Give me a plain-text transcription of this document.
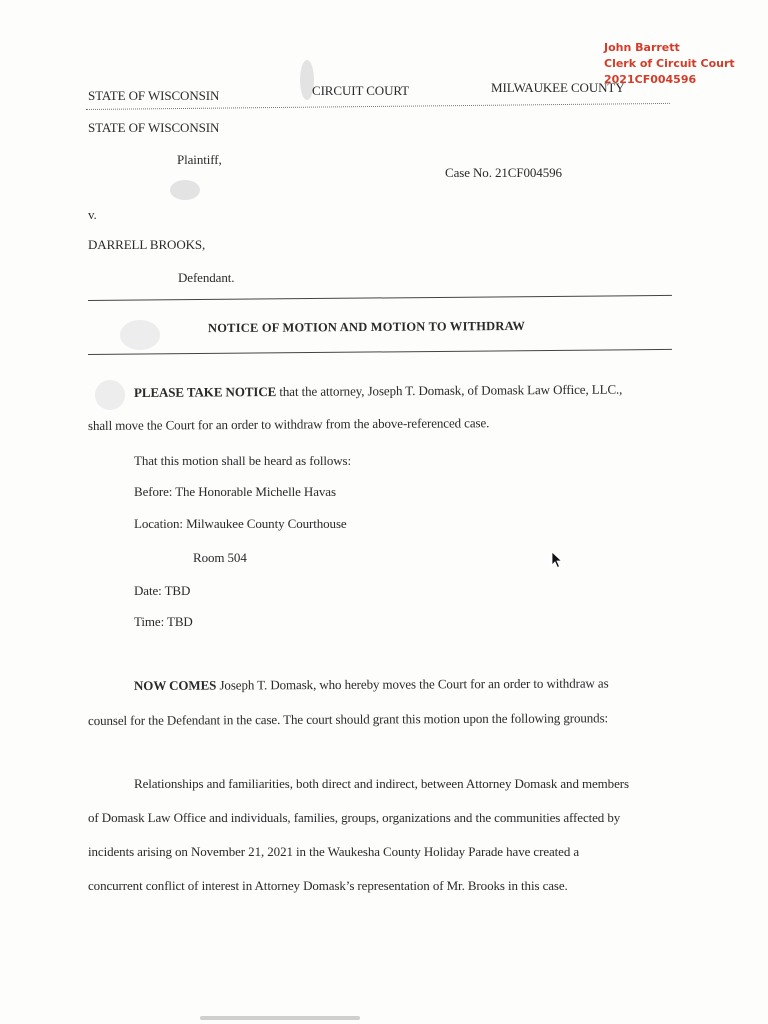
John Barrett
Clerk of Circuit Court
2021CF004596
STATE OF WISCONSIN	CIRCUIT COURT	MILWAUKEE COUNTY
STATE OF WISCONSIN
Plaintiff,
Case No. 21CF004596
v.
DARRELL BROOKS,
Defendant.
NOTICE OF MOTION AND MOTION TO WITHDRAW
PLEASE TAKE NOTICE that the attorney, Joseph T. Domask, of Domask Law Office, LLC.,
shall move the Court for an order to withdraw from the above-referenced case.
That this motion shall be heard as follows:
Before: The Honorable Michelle Havas
Location: Milwaukee County Courthouse
Room 504
Date: TBD
Time: TBD
NOW COMES Joseph T. Domask, who hereby moves the Court for an order to withdraw as
counsel for the Defendant in the case. The court should grant this motion upon the following grounds:
Relationships and familiarities, both direct and indirect, between Attorney Domask and members
of Domask Law Office and individuals, families, groups, organizations and the communities affected by
incidents arising on November 21, 2021 in the Waukesha County Holiday Parade have created a
concurrent conflict of interest in Attorney Domask’s representation of Mr. Brooks in this case.
